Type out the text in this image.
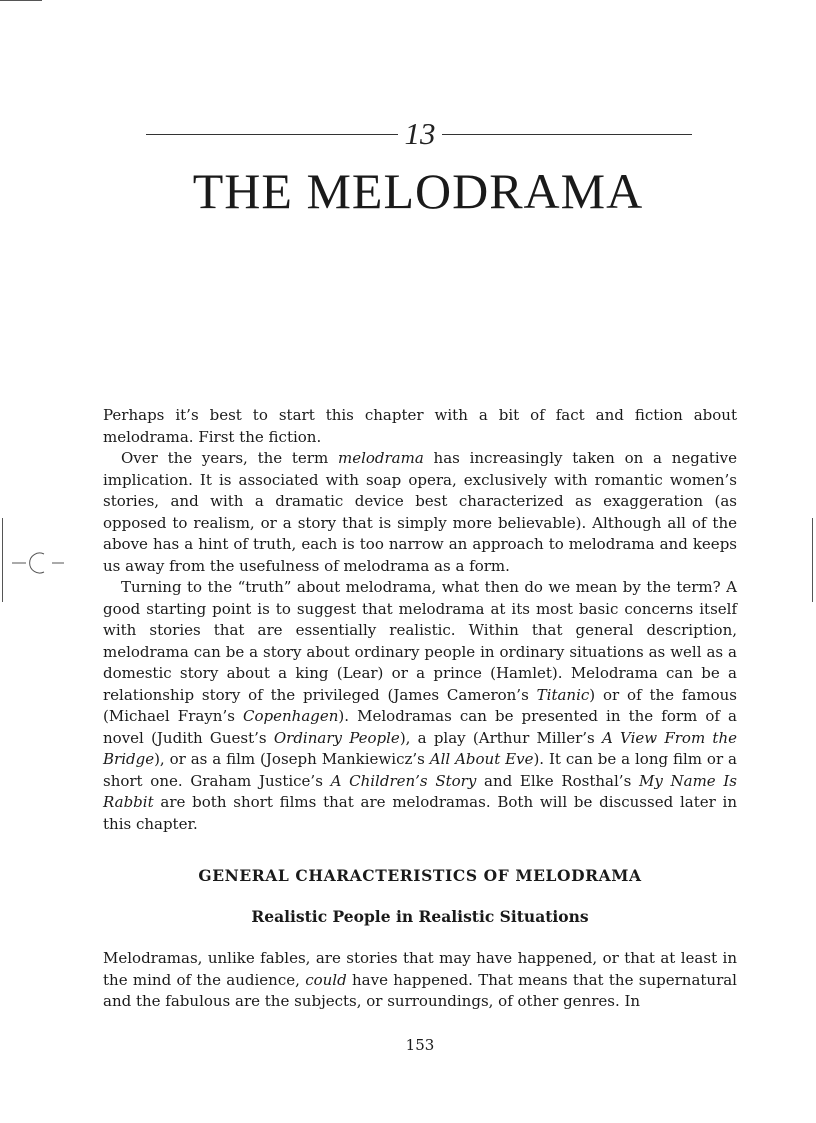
13
THE MELODRAMA

Perhaps it’s best to start this chapter with a bit of fact and fiction about melodrama. First the fiction.

Over the years, the term melodrama has increasingly taken on a negative implication. It is associated with soap opera, exclusively with romantic women’s stories, and with a dramatic device best characterized as exaggeration (as opposed to realism, or a story that is simply more believable). Although all of the above has a hint of truth, each is too narrow an approach to melodrama and keeps us away from the usefulness of melodrama as a form.

Turning to the “truth” about melodrama, what then do we mean by the term? A good starting point is to suggest that melodrama at its most basic concerns itself with stories that are essentially realistic. Within that general description, melodrama can be a story about ordinary people in ordinary situations as well as a domestic story about a king (Lear) or a prince (Hamlet). Melodrama can be a relationship story of the privileged (James Cameron’s Titanic) or of the famous (Michael Frayn’s Copenhagen). Melodramas can be presented in the form of a novel (Judith Guest’s Ordinary People), a play (Arthur Miller’s A View From the Bridge), or as a film (Joseph Mankiewicz’s All About Eve). It can be a long film or a short one. Graham Justice’s A Children’s Story and Elke Rosthal’s My Name Is Rabbit are both short films that are melodramas. Both will be discussed later in this chapter.

GENERAL CHARACTERISTICS OF MELODRAMA
Realistic People in Realistic Situations

Melodramas, unlike fables, are stories that may have happened, or that at least in the mind of the audience, could have happened. That means that the supernatural and the fabulous are the subjects, or surroundings, of other genres. In

153
